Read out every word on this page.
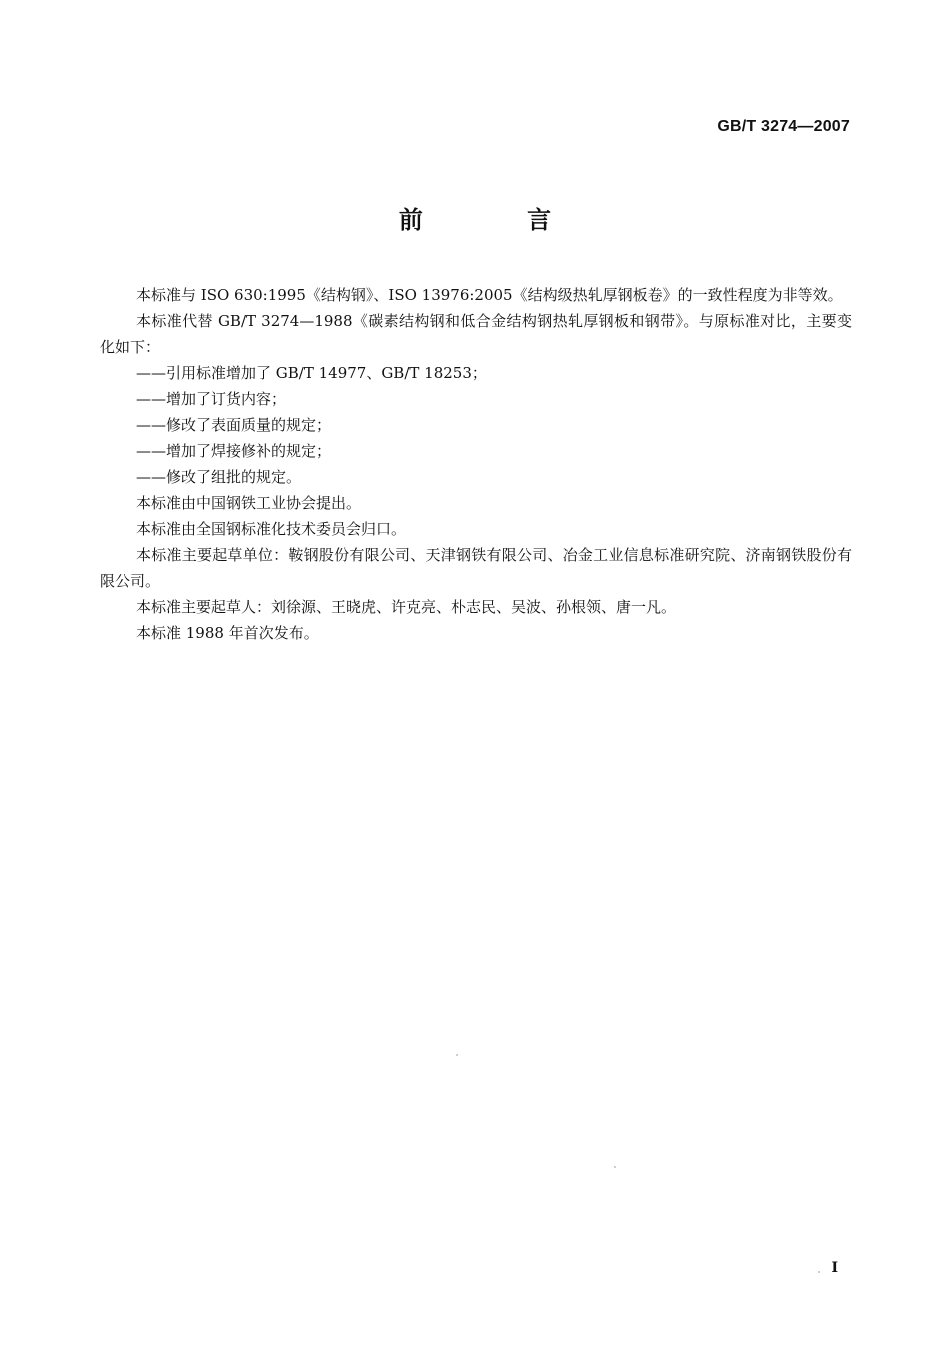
GB/T 3274—2007
前 言

本标准与 ISO 630:1995《结构钢》、ISO 13976:2005《结构级热轧厚钢板卷》的一致性程度为非等效。

本标准代替 GB/T 3274—1988《碳素结构钢和低合金结构钢热轧厚钢板和钢带》。与原标准对比，主要变化如下：

——引用标准增加了 GB/T 14977、GB/T 18253；

——增加了订货内容；

——修改了表面质量的规定；

——增加了焊接修补的规定；

——修改了组批的规定。

本标准由中国钢铁工业协会提出。

本标准由全国钢标准化技术委员会归口。

本标准主要起草单位：鞍钢股份有限公司、天津钢铁有限公司、冶金工业信息标准研究院、济南钢铁股份有限公司。

本标准主要起草人：刘徐源、王晓虎、许克亮、朴志民、吴波、孙根领、唐一凡。

本标准 1988 年首次发布。

I
